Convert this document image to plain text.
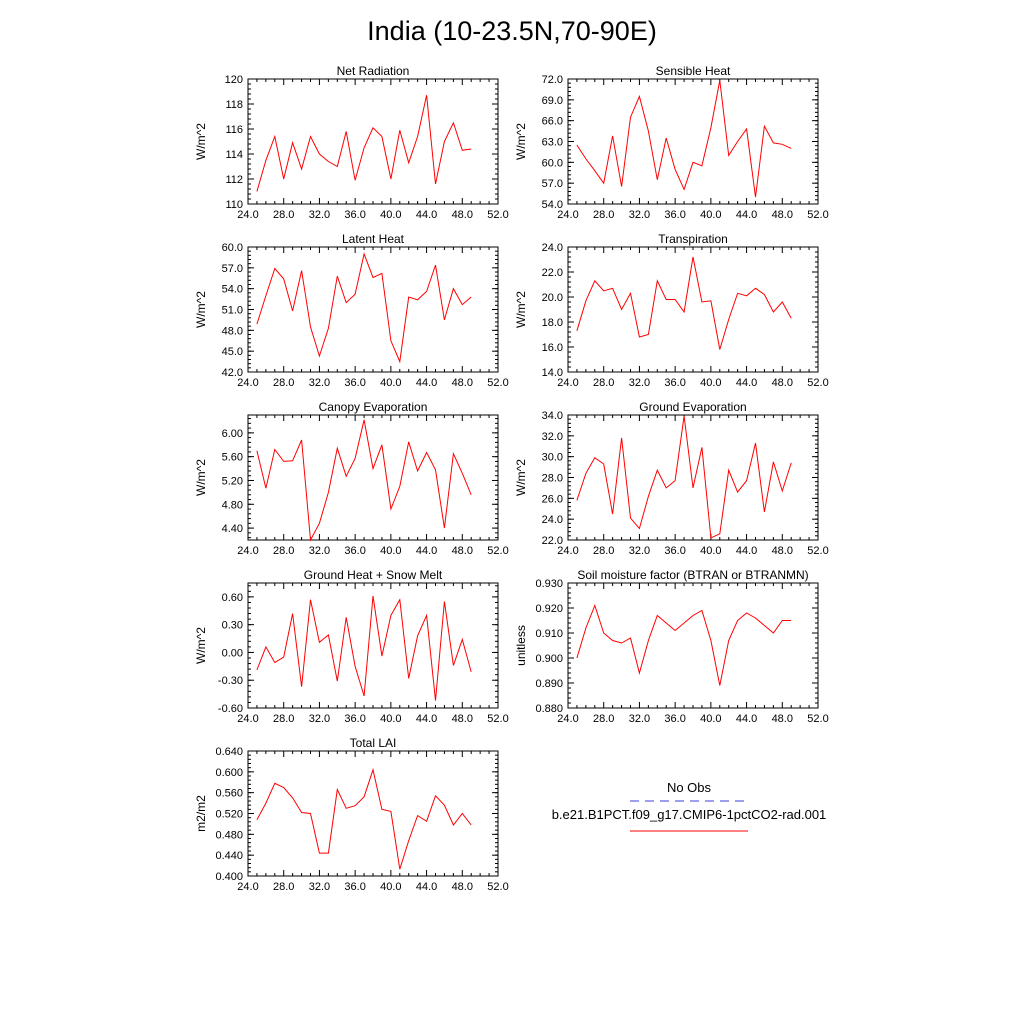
India (10-23.5N,70-90E)
Net Radiation
W/m^2
24.0 28.0 32.0 36.0 40.0 44.0 48.0 52.0
110
112
114
116
118
120
Sensible Heat
W/m^2
24.0 28.0 32.0 36.0 40.0 44.0 48.0 52.0
54.0
57.0
60.0
63.0
66.0
69.0
72.0
Latent Heat
W/m^2
24.0 28.0 32.0 36.0 40.0 44.0 48.0 52.0
42.0
45.0
48.0
51.0
54.0
57.0
60.0
Transpiration
W/m^2
24.0 28.0 32.0 36.0 40.0 44.0 48.0 52.0
14.0
16.0
18.0
20.0
22.0
24.0
Canopy Evaporation
W/m^2
24.0 28.0 32.0 36.0 40.0 44.0 48.0 52.0
4.40
4.80
5.20
5.60
6.00
Ground Evaporation
W/m^2
24.0 28.0 32.0 36.0 40.0 44.0 48.0 52.0
22.0
24.0
26.0
28.0
30.0
32.0
34.0
Ground Heat + Snow Melt
W/m^2
24.0 28.0 32.0 36.0 40.0 44.0 48.0 52.0
-0.60
-0.30
0.00
0.30
0.60
Soil moisture factor (BTRAN or BTRANMN)
unitless
24.0 28.0 32.0 36.0 40.0 44.0 48.0 52.0
0.880
0.890
0.900
0.910
0.920
0.930
Total LAI
m2/m2
24.0 28.0 32.0 36.0 40.0 44.0 48.0 52.0
0.400
0.440
0.480
0.520
0.560
0.600
0.640
No Obs
b.e21.B1PCT.f09_g17.CMIP6-1pctCO2-rad.001
